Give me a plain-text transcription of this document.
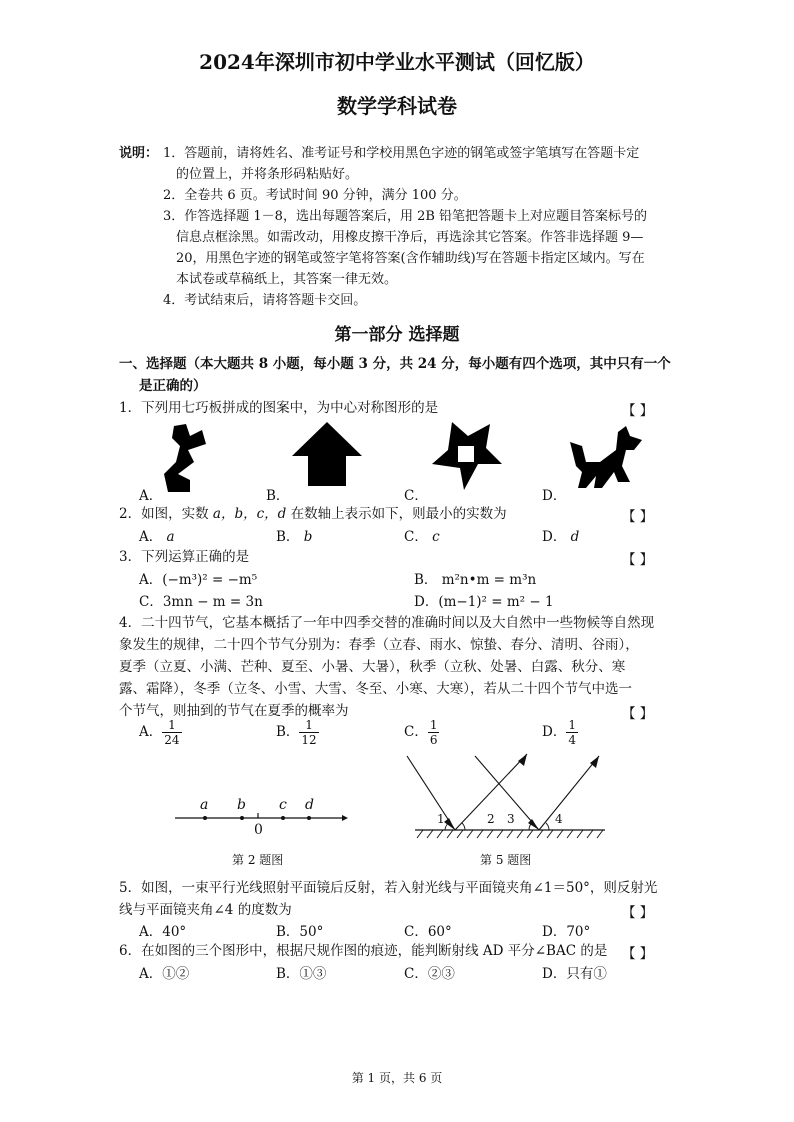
2024年深圳市初中学业水平测试（回忆版）
数学学科试卷
说明： 1．答题前，请将姓名、准考证号和学校用黑色字迹的钢笔或签字笔填写在答题卡定
的位置上，并将条形码粘贴好。
2．全卷共 6 页。考试时间 90 分钟，满分 100 分。
3．作答选择题 1－8，选出每题答案后，用 2B 铅笔把答题卡上对应题目答案标号的
信息点框涂黑。如需改动，用橡皮擦干净后，再选涂其它答案。作答非选择题 9—
20，用黑色字迹的钢笔或签字笔将答案(含作辅助线)写在答题卡指定区域内。写在
本试卷或草稿纸上，其答案一律无效。
4．考试结束后，请将答题卡交回。
第一部分 选择题
一、选择题（本大题共 8 小题，每小题 3 分，共 24 分，每小题有四个选项，其中只有一个
是正确的）
1．下列用七巧板拼成的图案中，为中心对称图形的是	【 】
A．	B．	C．	D．
2．如图，实数 a，b，c，d 在数轴上表示如下，则最小的实数为	【 】
A． a	B． b	C． c	D． d
3．下列运算正确的是	【 】
A．(−m³)² = −m⁵	B． m²n•m = m³n
C．3mn − m = 3n	D．(m−1)² = m² − 1
4．二十四节气，它基本概括了一年中四季交替的准确时间以及大自然中一些物候等自然现
象发生的规律，二十四个节气分别为：春季（立春、雨水、惊蛰、春分、清明、谷雨），
夏季（立夏、小满、芒种、夏至、小暑、大暑），秋季（立秋、处暑、白露、秋分、寒
露、霜降），冬季（立冬、小雪、大雪、冬至、小寒、大寒），若从二十四个节气中选一
个节气，则抽到的节气在夏季的概率为	【 】
A． $\frac{1}{24}$	B． $\frac{1}{12}$	C． $\frac{1}{6}$	D． $\frac{1}{4}$
a b c d
0
第 2 题图
1	2 3	4
第 5 题图
5．如图，一束平行光线照射平面镜后反射，若入射光线与平面镜夹角∠1＝50°，则反射光
线与平面镜夹角∠4 的度数为	【 】
A．40°	B．50°	C．60°	D．70°
6．在如图的三个图形中，根据尺规作图的痕迹，能判断射线 AD 平分∠BAC 的是 【 】
A．①②	B．①③	C．②③	D．只有①
第 1 页，共 6 页
